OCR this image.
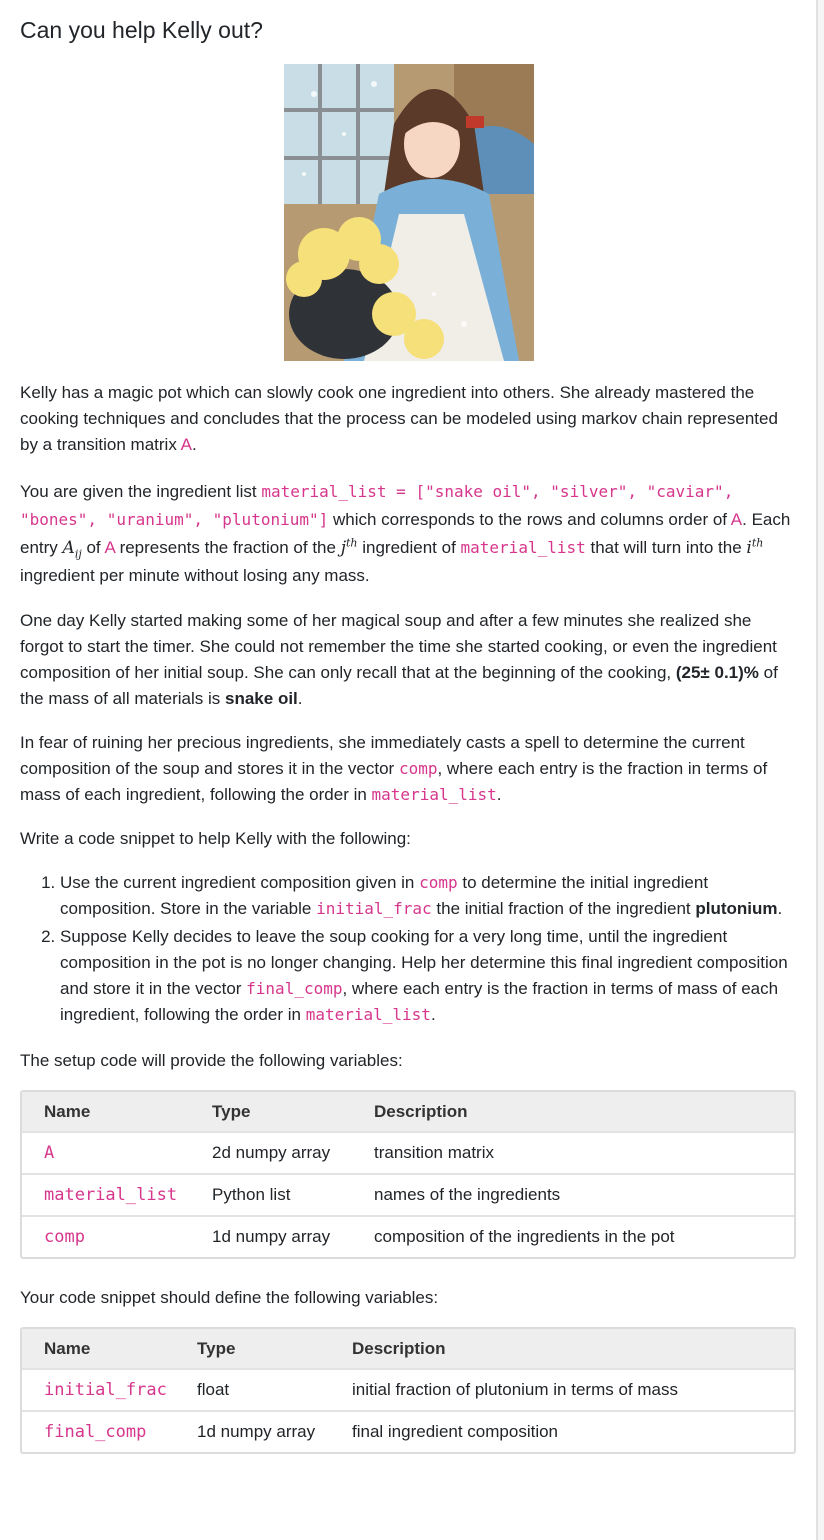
Can you help Kelly out?

Kelly has a magic pot which can slowly cook one ingredient into others. She already mastered the cooking techniques and concludes that the process can be modeled using markov chain represented by a transition matrix A.

You are given the ingredient list material_list = ["snake oil", "silver", "caviar", "bones", "uranium", "plutonium"] which corresponds to the rows and columns order of A. Each entry $A_{ij}$ of A represents the fraction of the $j^{th}$ ingredient of material_list that will turn into the $i^{th}$ ingredient per minute without losing any mass.

One day Kelly started making some of her magical soup and after a few minutes she realized she forgot to start the timer. She could not remember the time she started cooking, or even the ingredient composition of her initial soup. She can only recall that at the beginning of the cooking, (25± 0.1)% of the mass of all materials is snake oil.

In fear of ruining her precious ingredients, she immediately casts a spell to determine the current composition of the soup and stores it in the vector comp, where each entry is the fraction in terms of mass of each ingredient, following the order in material_list.

Write a code snippet to help Kelly with the following:

1. Use the current ingredient composition given in comp to determine the initial ingredient composition. Store in the variable initial_frac the initial fraction of the ingredient plutonium.
2. Suppose Kelly decides to leave the soup cooking for a very long time, until the ingredient composition in the pot is no longer changing. Help her determine this final ingredient composition and store it in the vector final_comp, where each entry is the fraction in terms of mass of each ingredient, following the order in material_list.

The setup code will provide the following variables:

Name	Type	Description
A	2d numpy array	transition matrix
material_list	Python list	names of the ingredients
comp	1d numpy array	composition of the ingredients in the pot

Your code snippet should define the following variables:

Name	Type	Description
initial_frac	float	initial fraction of plutonium in terms of mass
final_comp	1d numpy array	final ingredient composition
